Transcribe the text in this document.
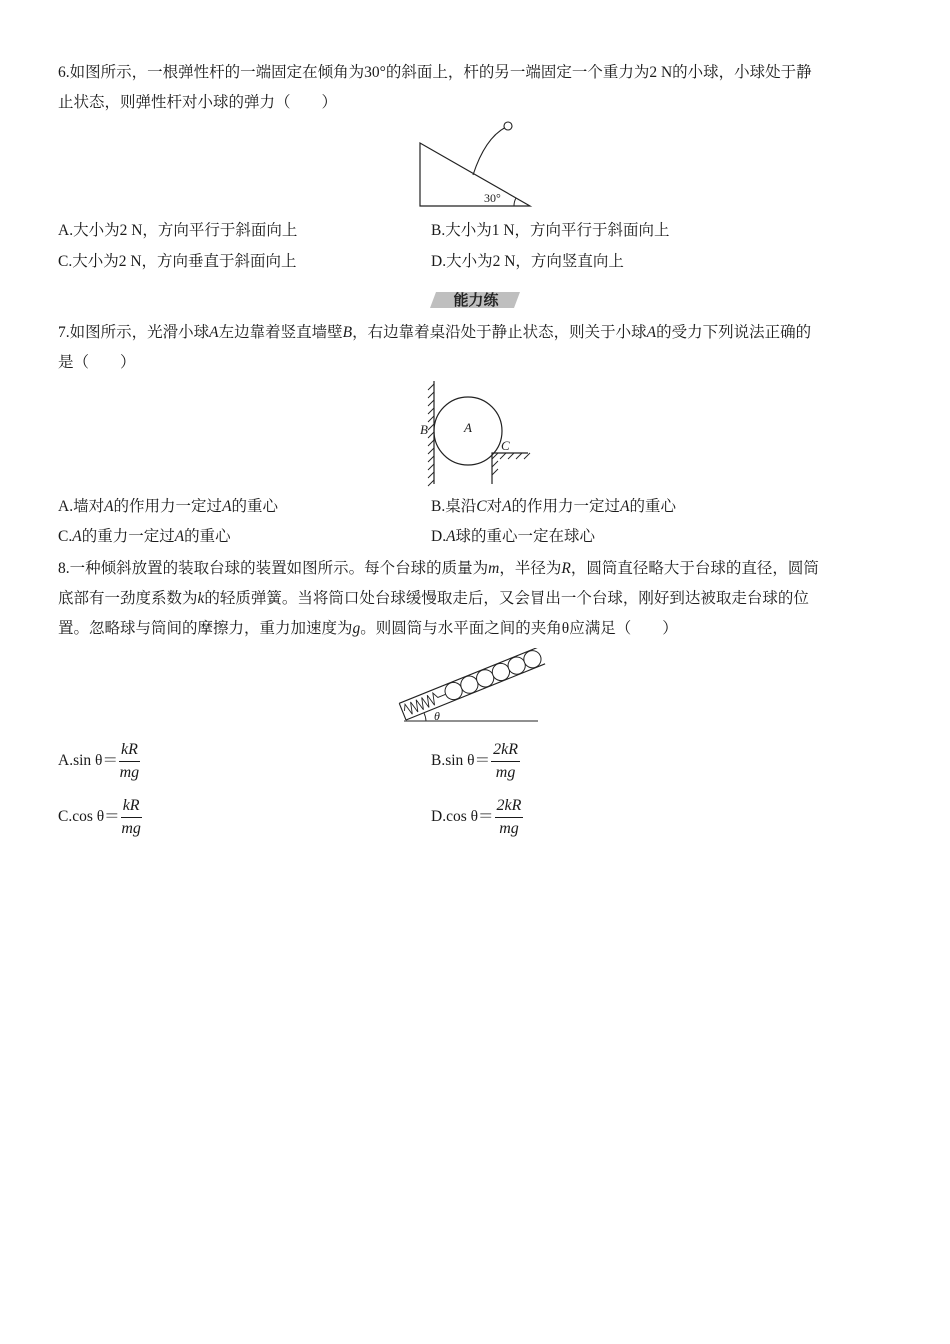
6.如图所示，一根弹性杆的一端固定在倾角为30°的斜面上，杆的另一端固定一个重力为2 N的小球，小球处于静
止状态，则弹性杆对小球的弹力（　　）
30°
A.大小为2 N，方向平行于斜面向上	B.大小为1 N，方向平行于斜面向上
C.大小为2 N，方向垂直于斜面向上	D.大小为2 N，方向竖直向上
能力练
7.如图所示，光滑小球A左边靠着竖直墙壁B，右边靠着桌沿处于静止状态，则关于小球A的受力下列说法正确的
是（　　）
A
B
C
A.墙对A的作用力一定过A的重心	B.桌沿C对A的作用力一定过A的重心
C.A的重力一定过A的重心	D.A球的重心一定在球心
8.一种倾斜放置的装取台球的装置如图所示。每个台球的质量为m，半径为R，圆筒直径略大于台球的直径，圆筒
底部有一劲度系数为k的轻质弹簧。当将筒口处台球缓慢取走后，又会冒出一个台球，刚好到达被取走台球的位
置。忽略球与筒间的摩擦力，重力加速度为g。则圆筒与水平面之间的夹角θ应满足（　　）
θ
A.sin $\theta= \frac{kR}{mg}$	B.sin $\theta= \frac{2kR}{mg}$
C.cos $\theta= \frac{kR}{mg}$	D.cos $\theta= \frac{2kR}{mg}$
